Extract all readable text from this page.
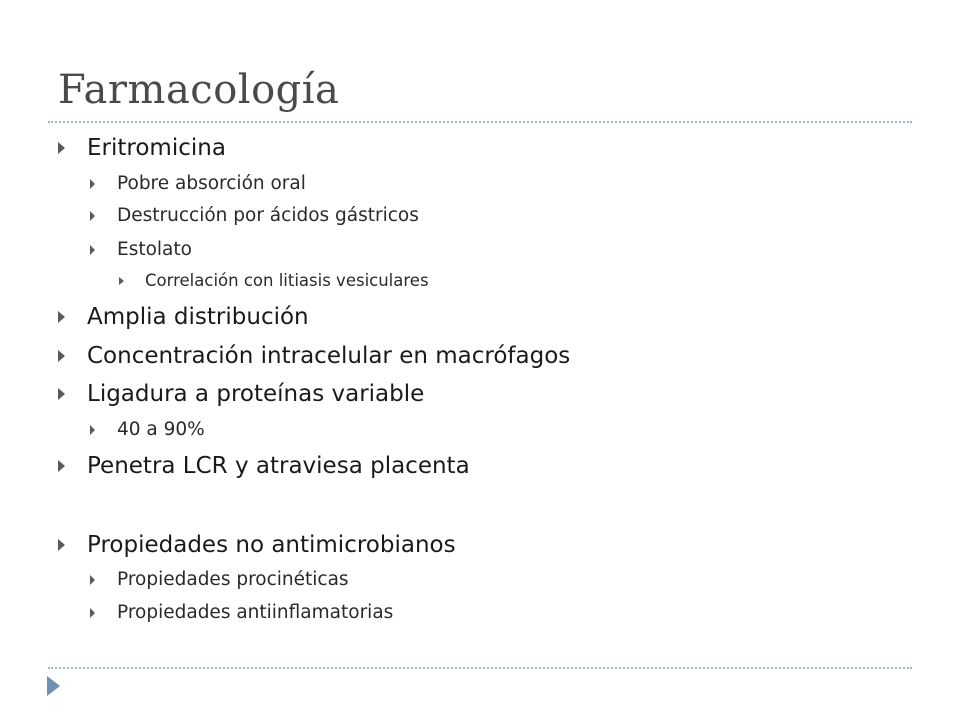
Farmacología
Eritromicina
Pobre absorción oral
Destrucción por ácidos gástricos
Estolato
Correlación con litiasis vesiculares
Amplia distribución
Concentración intracelular en macrófagos
Ligadura a proteínas variable
40 a 90%
Penetra LCR y atraviesa placenta
Propiedades no antimicrobianos
Propiedades procinéticas
Propiedades antiinflamatorias
